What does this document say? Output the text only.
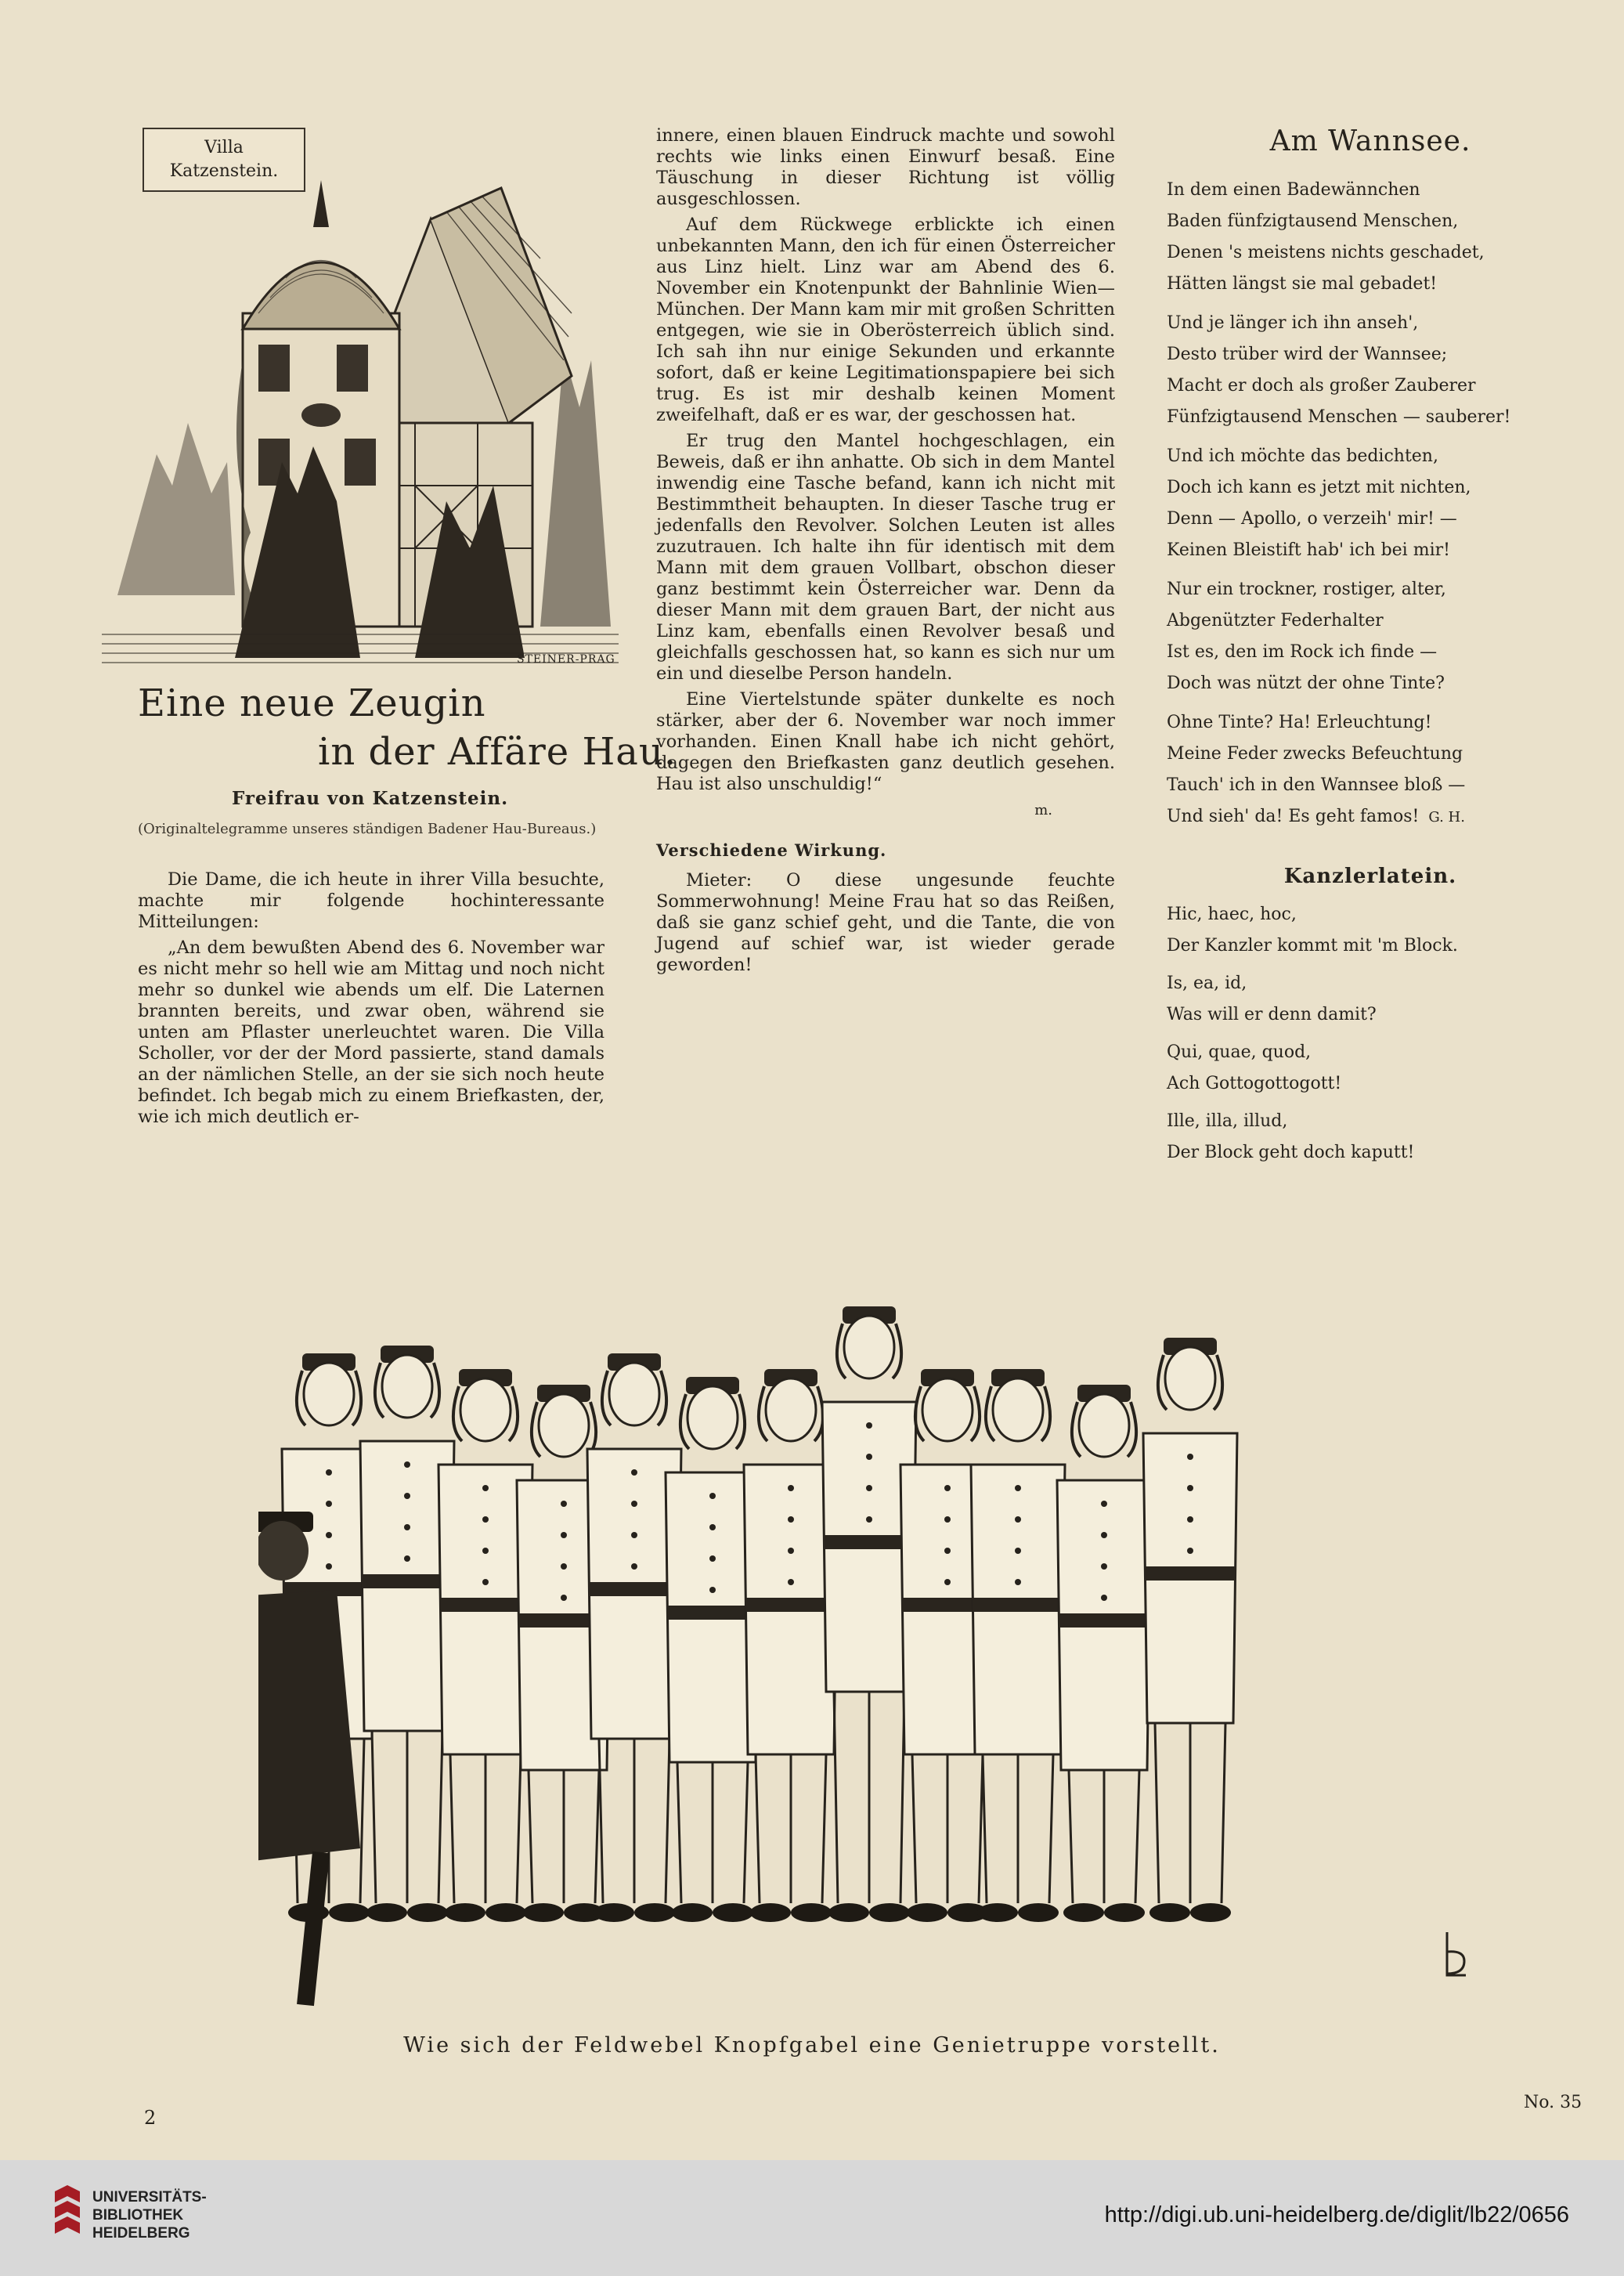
STEINER-PRAG
Villa
Katzenstein.
Eine neue Zeugin
in der Affäre Hau.
Freifrau von Katzenstein.
(Originaltelegramme unseres ständigen Badener Hau-Bureaus.)

Die Dame, die ich heute in ihrer Villa besuchte, machte mir folgende hochinteressante Mitteilungen:

„An dem bewußten Abend des 6. November war es nicht mehr so hell wie am Mittag und noch nicht mehr so dunkel wie abends um elf. Die Laternen brannten bereits, und zwar oben, während sie unten am Pflaster unerleuchtet waren. Die Villa Scholler, vor der der Mord passierte, stand damals an der nämlichen Stelle, an der sie sich noch heute befindet. Ich begab mich zu einem Briefkasten, der, wie ich mich deutlich er-

innere, einen blauen Eindruck machte und sowohl rechts wie links einen Einwurf besaß. Eine Täuschung in dieser Richtung ist völlig ausgeschlossen.

Auf dem Rückwege erblickte ich einen unbekannten Mann, den ich für einen Österreicher aus Linz hielt. Linz war am Abend des 6. November ein Knotenpunkt der Bahnlinie Wien—München. Der Mann kam mir mit großen Schritten entgegen, wie sie in Oberösterreich üblich sind. Ich sah ihn nur einige Sekunden und erkannte sofort, daß er keine Legitimationspapiere bei sich trug. Es ist mir deshalb keinen Moment zweifelhaft, daß er es war, der geschossen hat.

Er trug den Mantel hochgeschlagen, ein Beweis, daß er ihn anhatte. Ob sich in dem Mantel inwendig eine Tasche befand, kann ich nicht mit Bestimmtheit behaupten. In dieser Tasche trug er jedenfalls den Revolver. Solchen Leuten ist alles zuzutrauen. Ich halte ihn für identisch mit dem Mann mit dem grauen Vollbart, obschon dieser ganz bestimmt kein Österreicher war. Denn da dieser Mann mit dem grauen Bart, der nicht aus Linz kam, ebenfalls einen Revolver besaß und gleichfalls geschossen hat, so kann es sich nur um ein und dieselbe Person handeln.

Eine Viertelstunde später dunkelte es noch stärker, aber der 6. November war noch immer vorhanden. Einen Knall habe ich nicht gehört, dagegen den Briefkasten ganz deutlich gesehen. Hau ist also unschuldig!“

m.
Verschiedene Wirkung.

Mieter: O diese ungesunde feuchte Sommerwohnung! Meine Frau hat so das Reißen, daß sie ganz schief geht, und die Tante, die von Jugend auf schief war, ist wieder gerade geworden!

Am Wannsee.
In dem einen Badewännchen
Baden fünfzigtausend Menschen,
Denen 's meistens nichts geschadet,
Hätten längst sie mal gebadet!
Und je länger ich ihn anseh',
Desto trüber wird der Wannsee;
Macht er doch als großer Zauberer
Fünfzigtausend Menschen — sauberer!
Und ich möchte das bedichten,
Doch ich kann es jetzt mit nichten,
Denn — Apollo, o verzeih' mir! —
Keinen Bleistift hab' ich bei mir!
Nur ein trockner, rostiger, alter,
Abgenützter Federhalter
Ist es, den im Rock ich finde —
Doch was nützt der ohne Tinte?
Ohne Tinte? Ha! Erleuchtung!
Meine Feder zwecks Befeuchtung
Tauch' ich in den Wannsee bloß —
Und sieh' da! Es geht famos! G. H.
Kanzlerlatein.
Hic, haec, hoc,
Der Kanzler kommt mit 'm Block.
Is, ea, id,
Was will er denn damit?
Qui, quae, quod,
Ach Gottogottogott!
Ille, illa, illud,
Der Block geht doch kaputt!
Wie sich der Feldwebel Knopfgabel eine Genietruppe vorstellt.
2
No. 35
UNIVERSITÄTS-
BIBLIOTHEK
HEIDELBERG
http://digi.ub.uni-heidelberg.de/diglit/lb22/0656
